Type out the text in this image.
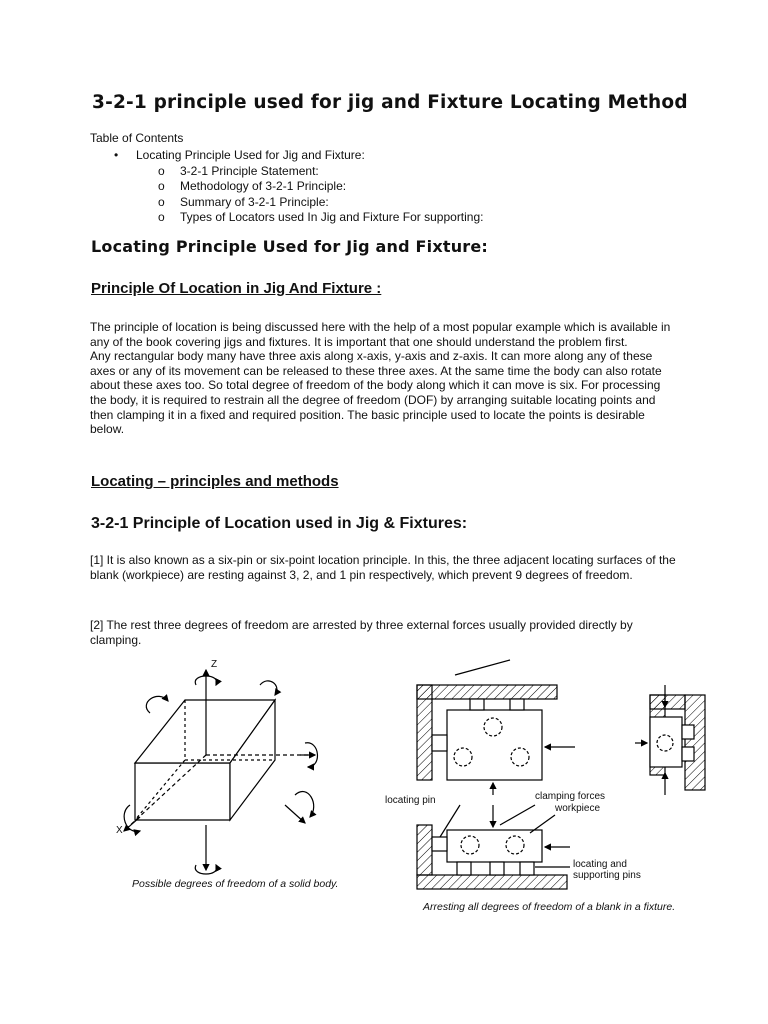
3-2-1 principle used for jig and Fixture Locating Method
Table of Contents
• Locating Principle Used for Jig and Fixture:
o 3-2-1 Principle Statement:
o Methodology of 3-2-1 Principle:
o Summary of 3-2-1 Principle:
o Types of Locators used In Jig and Fixture For supporting:
Locating Principle Used for Jig and Fixture:
Principle Of Location in Jig And Fixture :

The principle of location is being discussed here with the help of a most popular example which is available in any of the book covering jigs and fixtures. It is important that one should understand the problem first.

Any rectangular body many have three axis along x-axis, y-axis and z-axis. It can more along any of these axes or any of its movement can be released to these three axes. At the same time the body can also rotate about these axes too. So total degree of freedom of the body along which it can move is six. For processing the body, it is required to restrain all the degree of freedom (DOF) by arranging suitable locating points and then clamping it in a fixed and required position. The basic principle used to locate the points is desirable below.

Locating – principles and methods
3-2-1 Principle of Location used in Jig & Fixtures:

[1] It is also known as a six-pin or six-point location principle. In this, the three adjacent locating surfaces of the blank (workpiece) are resting against 3, 2, and 1 pin respectively, which prevent 9 degrees of freedom.

[2] The rest three degrees of freedom are arrested by three external forces usually provided directly by clamping.

Z
X
Possible degrees of freedom of a solid body.
locating pin	clamping forces
workpiece
locating and
supporting pins
Arresting all degrees of freedom of a blank in a fixture.
